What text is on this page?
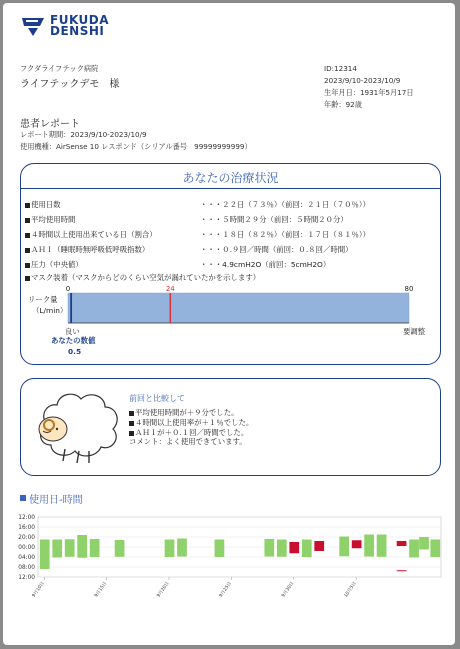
FUKUDA
DENSHI
フクダライフテック病院
ライフテックデモ　様
ID:12314
2023/9/10-2023/10/9
生年月日：1931年5月17日
年齢：92歳
患者レポート
レポート期間：2023/9/10-2023/10/9
使用機種：AirSense 10 レスポンド（シリアル番号　99999999999）
あなたの治療状況
リーク量
（L/min）
0	24	80
良い	要調整
あなたの数値
0.5
前回と比較して
コメント：よく使用できています。
使用日-時間
12:00
16:00
20:00
00:00
04:00
08:00
12:00
9月10日	9月15日	9月20日	9月25日	9月30日	10月5日
使用日数	・・・２２日（７３％）（前回：２１日（７０％））
平均使用時間	・・・５時間２９分（前回：５時間２０分）
４時間以上使用出来ている日（割合）	・・・１８日（８２％）（前回：１７日（８１％））
ＡＨＩ（睡眠時無呼吸低呼吸指数）	・・・０.９回／時間（前回：０.８回／時間）
圧力（中央値）	・・・4.9cmH2O（前回：5cmH2O）
マスク装着（マスクからどのくらい空気が漏れていたかを示します）
平均使用時間が＋９分でした。
４時間以上使用率が＋１％でした。
ＡＨＩが＋０.１回／時間でした。
